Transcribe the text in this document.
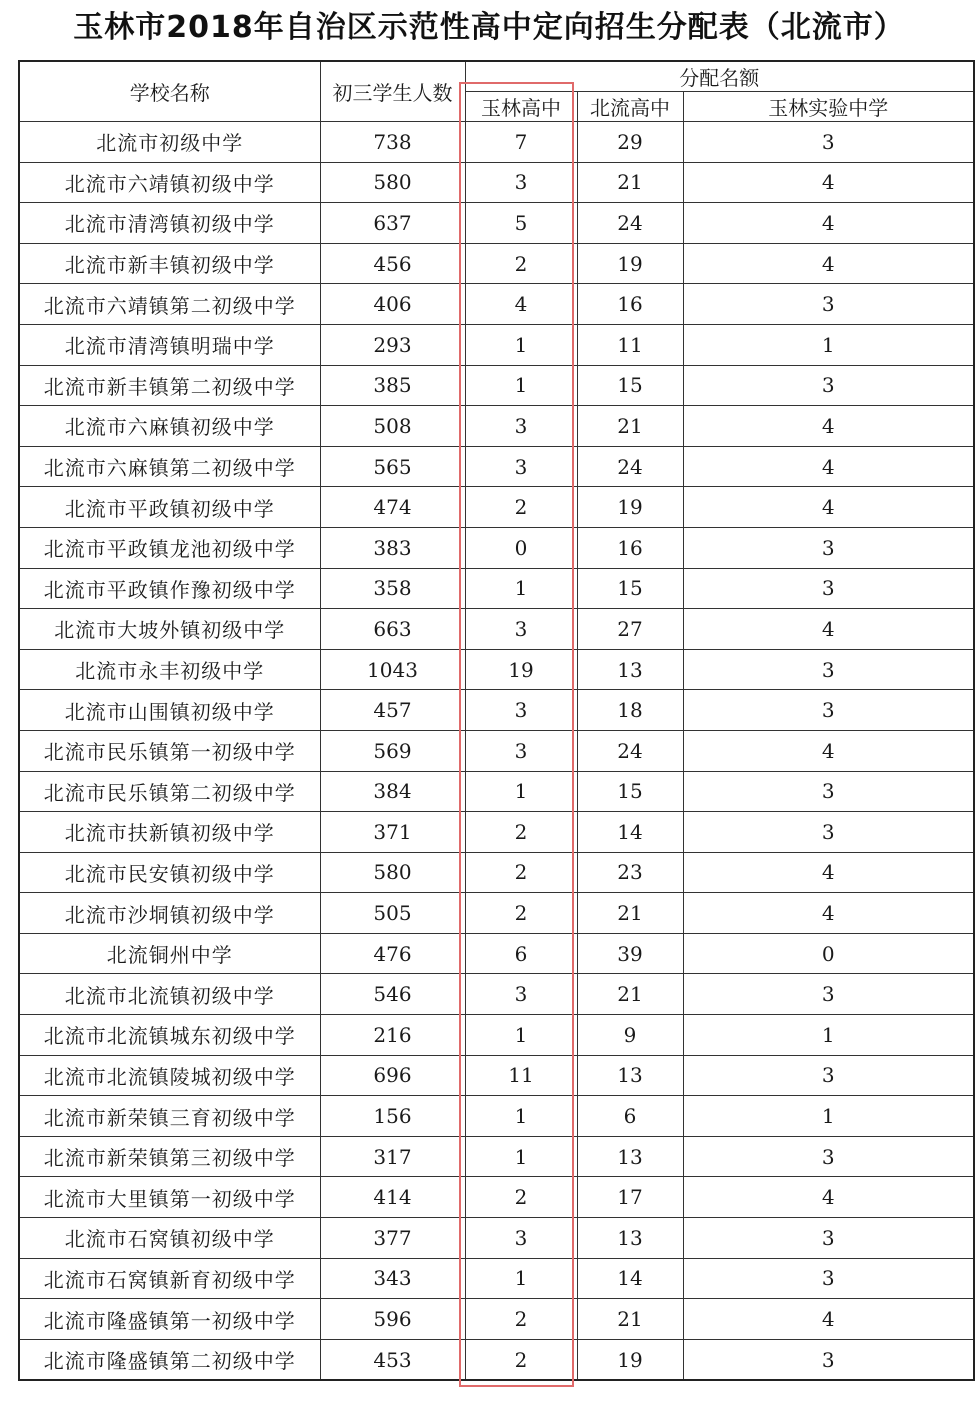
玉林市2018年自治区示范性高中定向招生分配表（北流市）
学校名称	初三学生人数	分配名额		
		玉林高中	北流高中	玉林实验中学
北流市初级中学	738	7	29	3
北流市六靖镇初级中学	580	3	21	4
北流市清湾镇初级中学	637	5	24	4
北流市新丰镇初级中学	456	2	19	4
北流市六靖镇第二初级中学	406	4	16	3
北流市清湾镇明瑞中学	293	1	11	1
北流市新丰镇第二初级中学	385	1	15	3
北流市六麻镇初级中学	508	3	21	4
北流市六麻镇第二初级中学	565	3	24	4
北流市平政镇初级中学	474	2	19	4
北流市平政镇龙池初级中学	383	0	16	3
北流市平政镇作豫初级中学	358	1	15	3
北流市大坡外镇初级中学	663	3	27	4
北流市永丰初级中学	1043	19	13	3
北流市山围镇初级中学	457	3	18	3
北流市民乐镇第一初级中学	569	3	24	4
北流市民乐镇第二初级中学	384	1	15	3
北流市扶新镇初级中学	371	2	14	3
北流市民安镇初级中学	580	2	23	4
北流市沙垌镇初级中学	505	2	21	4
北流铜州中学	476	6	39	0
北流市北流镇初级中学	546	3	21	3
北流市北流镇城东初级中学	216	1	9	1
北流市北流镇陵城初级中学	696	11	13	3
北流市新荣镇三育初级中学	156	1	6	1
北流市新荣镇第三初级中学	317	1	13	3
北流市大里镇第一初级中学	414	2	17	4
北流市石窝镇初级中学	377	3	13	3
北流市石窝镇新育初级中学	343	1	14	3
北流市隆盛镇第一初级中学	596	2	21	4
北流市隆盛镇第二初级中学	453	2	19	3
